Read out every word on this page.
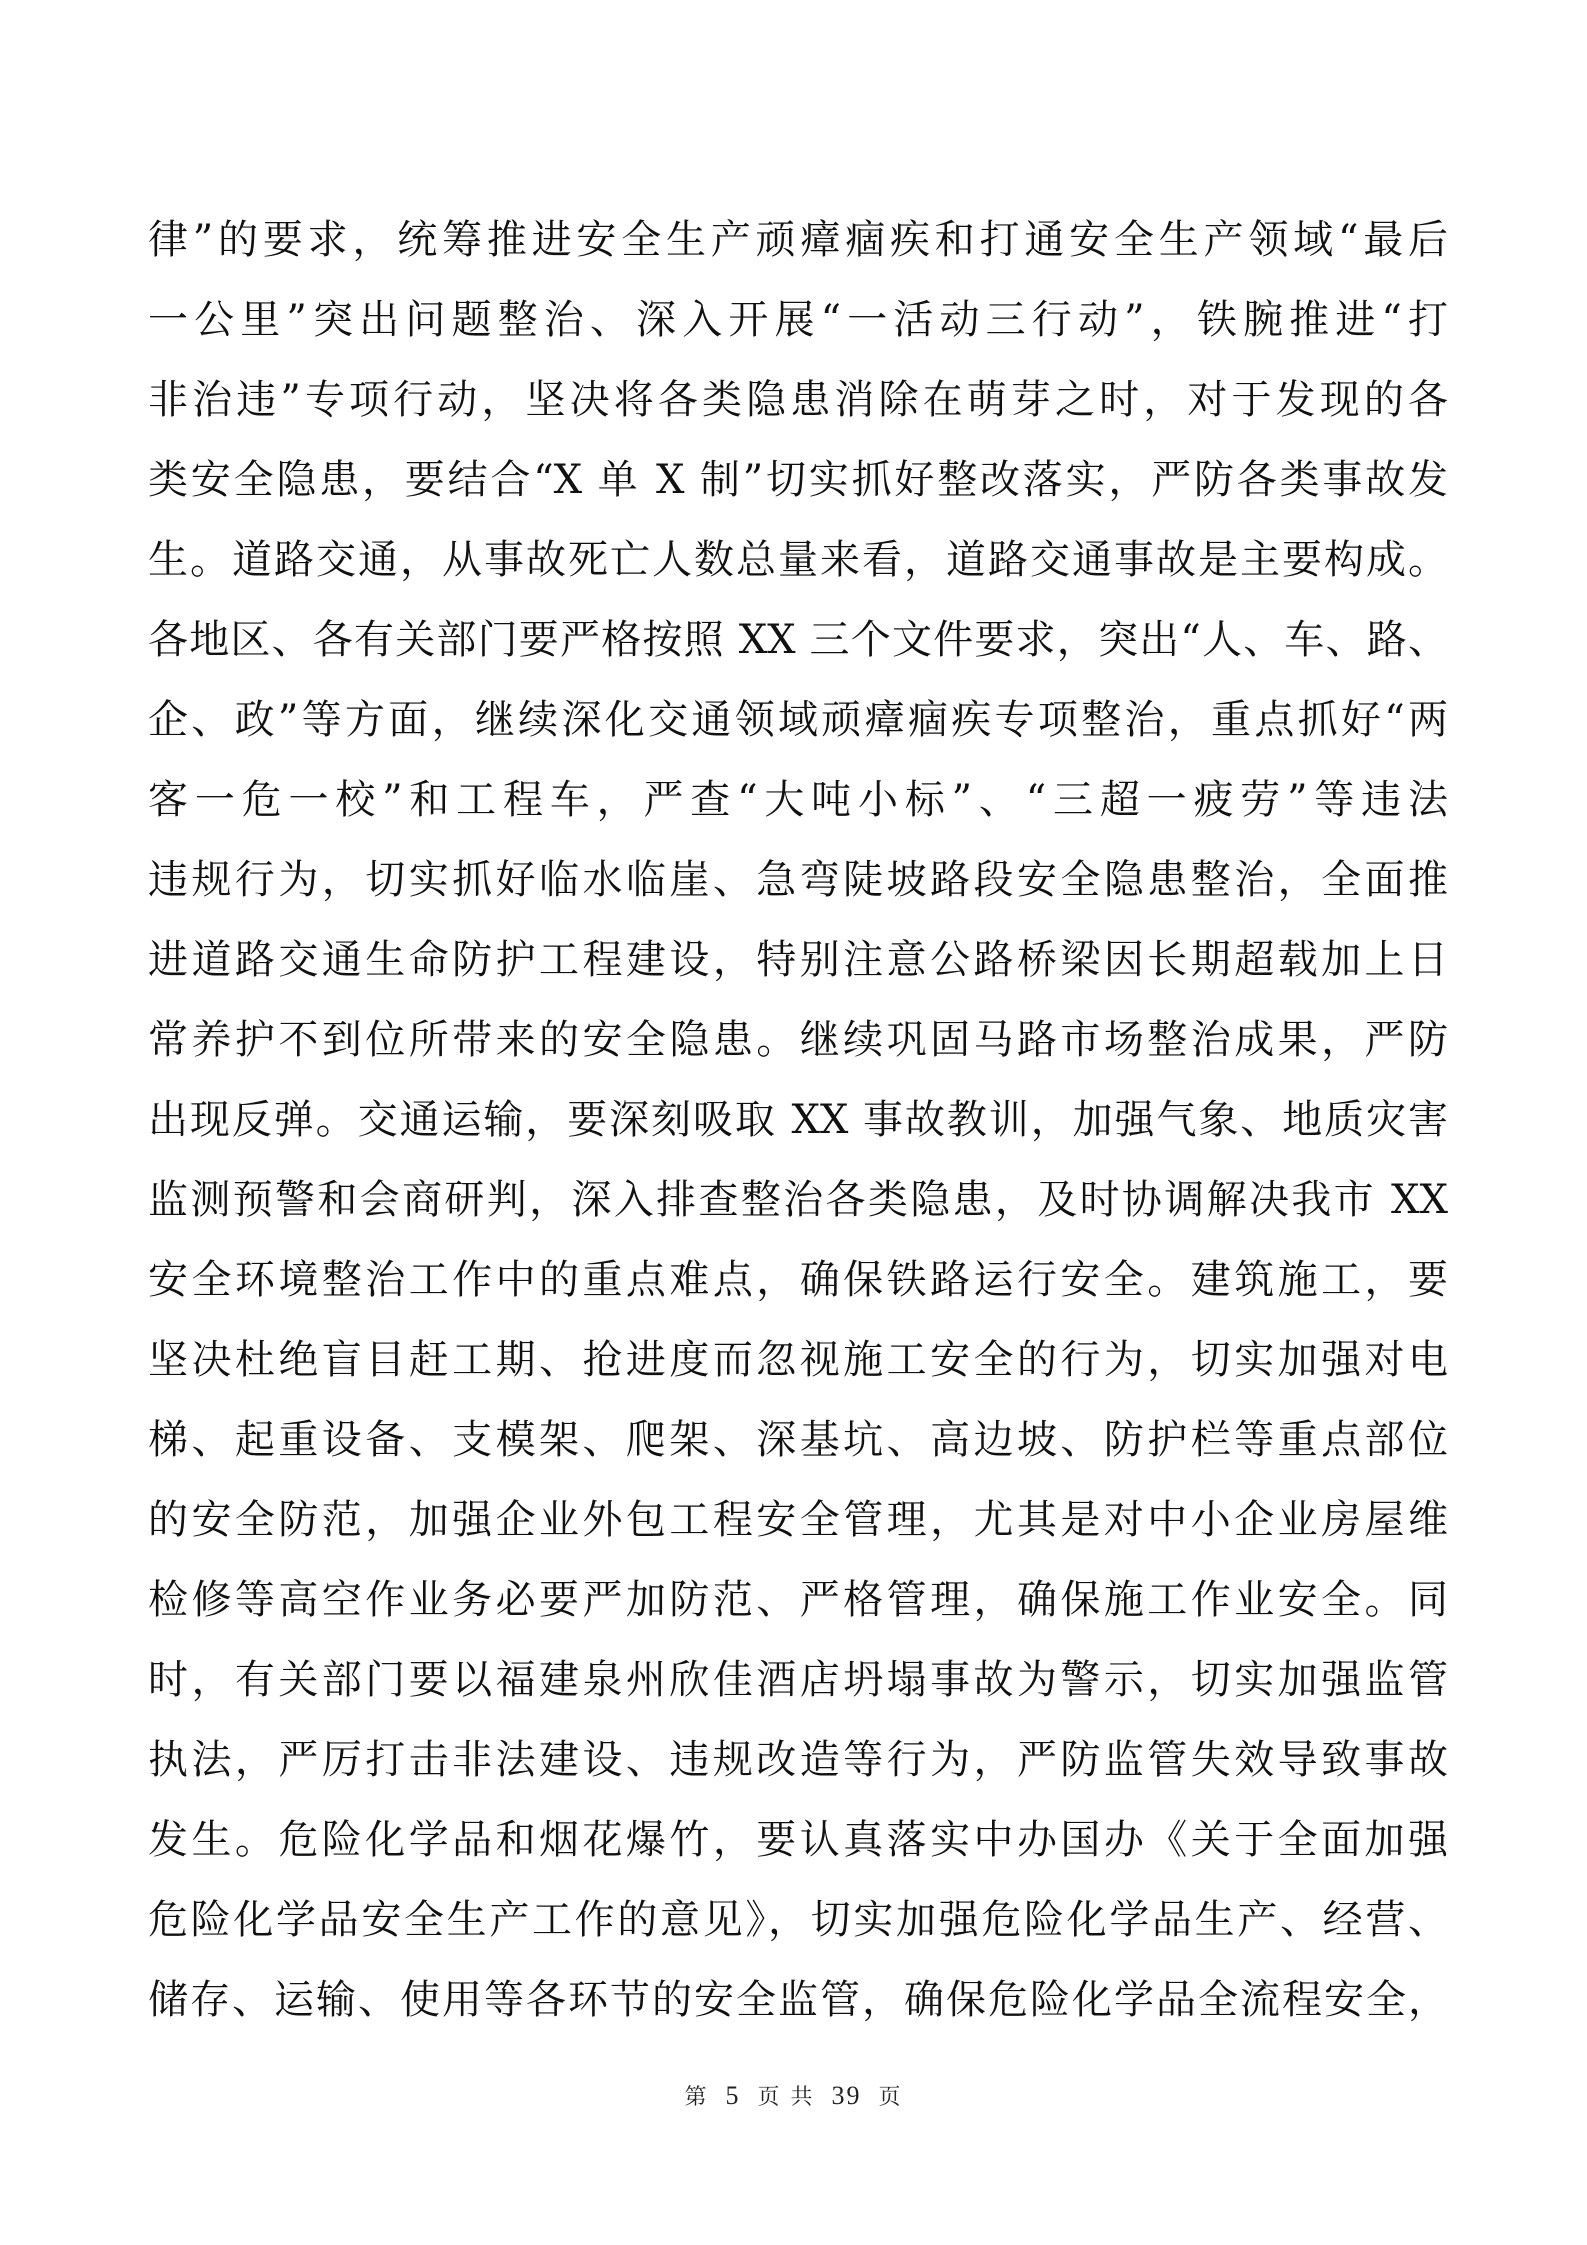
律”的要求，统筹推进安全生产顽瘴痼疾和打通安全生产领域“最后
一公里”突出问题整治、深入开展“一活动三行动”，铁腕推进“打
非治违”专项行动，坚决将各类隐患消除在萌芽之时，对于发现的各
类安全隐患，要结合“X 单 X 制”切实抓好整改落实，严防各类事故发
生。道路交通，从事故死亡人数总量来看，道路交通事故是主要构成。
各地区、各有关部门要严格按照 XX 三个文件要求，突出“人、车、路、
企、政”等方面，继续深化交通领域顽瘴痼疾专项整治，重点抓好“两
客一危一校”和工程车，严查“大吨小标”、“三超一疲劳”等违法
违规行为，切实抓好临水临崖、急弯陡坡路段安全隐患整治，全面推
进道路交通生命防护工程建设，特别注意公路桥梁因长期超载加上日
常养护不到位所带来的安全隐患。继续巩固马路市场整治成果，严防
出现反弹。交通运输，要深刻吸取 XX 事故教训，加强气象、地质灾害
监测预警和会商研判，深入排查整治各类隐患，及时协调解决我市 XX
安全环境整治工作中的重点难点，确保铁路运行安全。建筑施工，要
坚决杜绝盲目赶工期、抢进度而忽视施工安全的行为，切实加强对电
梯、起重设备、支模架、爬架、深基坑、高边坡、防护栏等重点部位
的安全防范，加强企业外包工程安全管理，尤其是对中小企业房屋维
检修等高空作业务必要严加防范、严格管理，确保施工作业安全。同
时，有关部门要以福建泉州欣佳酒店坍塌事故为警示，切实加强监管
执法，严厉打击非法建设、违规改造等行为，严防监管失效导致事故
发生。危险化学品和烟花爆竹，要认真落实中办国办《关于全面加强
危险化学品安全生产工作的意见》，切实加强危险化学品生产、经营、
储存、运输、使用等各环节的安全监管，确保危险化学品全流程安全，
第 5 页 共 39 页
